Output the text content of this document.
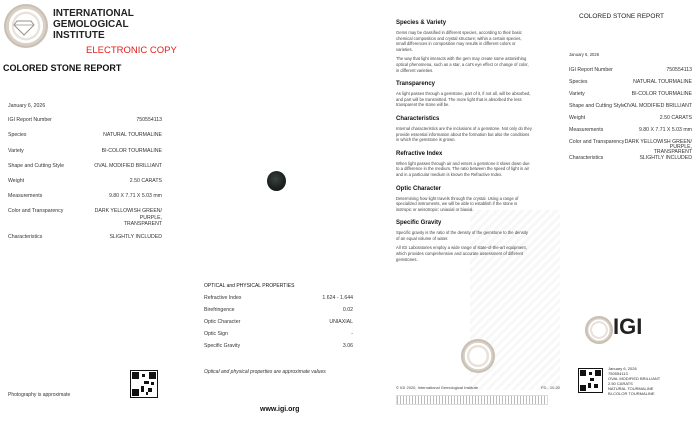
INTERNATIONAL
GEMOLOGICAL
INSTITUTE
ELECTRONIC COPY
COLORED STONE REPORT
January 6, 2026
IGI Report Number	750554113
Species	NATURAL TOURMALINE
Variety	BI-COLOR TOURMALINE
Shape and Cutting Style	OVAL MODIFIED BRILLIANT
Weight	2.50 CARATS
Measurements	9.80 X 7.71 X 5.03 mm
Color and Transparency	DARK YELLOWISH GREEN/
PURPLE,
TRANSPARENT
Characteristics	SLIGHTLY INCLUDED
Photography is approximate
OPTICAL and PHYSICAL PROPERTIES
Refractive Index	1.624 - 1.644
Birefringence	0.02
Optic Character	UNIAXIAL
Optic Sign	-
Specific Gravity	3.06
Optical and physical properties are approximate values
www.igi.org
Species & Variety
Gems may be classified in different species, according to their basic chemical composition and crystal structure; within a certain species, small differences in composition may results in different colors or varieties.
The way that light interacts with the gem may create some astonishing optical phenomena, such as a star, a cat's eye effect or change of color, in different varieties.
Transparency
As light passes through a gemstone, part of it, if not all, will be absorbed, and part will be transmitted. The more light that is absorbed the less transparent the stone will be.
Characteristics
Internal characteristics are the inclusions of a gemstone. Not only do they provide essential information about the formation but also the conditions in which the gemstone is grown.
Refractive Index
When light passes through air and enters a gemstone it slows down due to a difference in the medium. The ratio between the speed of light in air and in a particular medium is known the Refractive Index.
Optic Character
Determining how light travels through the crystal. Using a range of specialized instruments, we will be able to establish if the stone is isotropic or anisotropic: uniaxial or biaxial.
Specific Gravity
Specific gravity is the ratio of the density of the gemstone to the density of an equal volume of water.
All IGI Laboratories employ a wide range of state-of-the-art equipment, which provides comprehensive and accurate assessment of different gemstones.
© IGI 2020, International Gemological Institute	FD - 10.20
COLORED STONE REPORT
January 6, 2026
IGI Report Number	750554113
Species	NATURAL TOURMALINE
Variety	BI-COLOR TOURMALINE
Shape and Cutting Style OVAL MODIFIED BRILLIANT
Weight	2.50 CARATS
Measurements	9.80 X 7.71 X 5.03 mm
Color and Transparency DARK YELLOWISH GREEN/
PURPLE,
TRANSPARENT
Characteristics	SLIGHTLY INCLUDED
IGI
January 6, 2026
750554113
OVAL MODIFIED BRILLIANT
2.50 CARATS
NATURAL TOURMALINE
BI-COLOR TOURMALINE
